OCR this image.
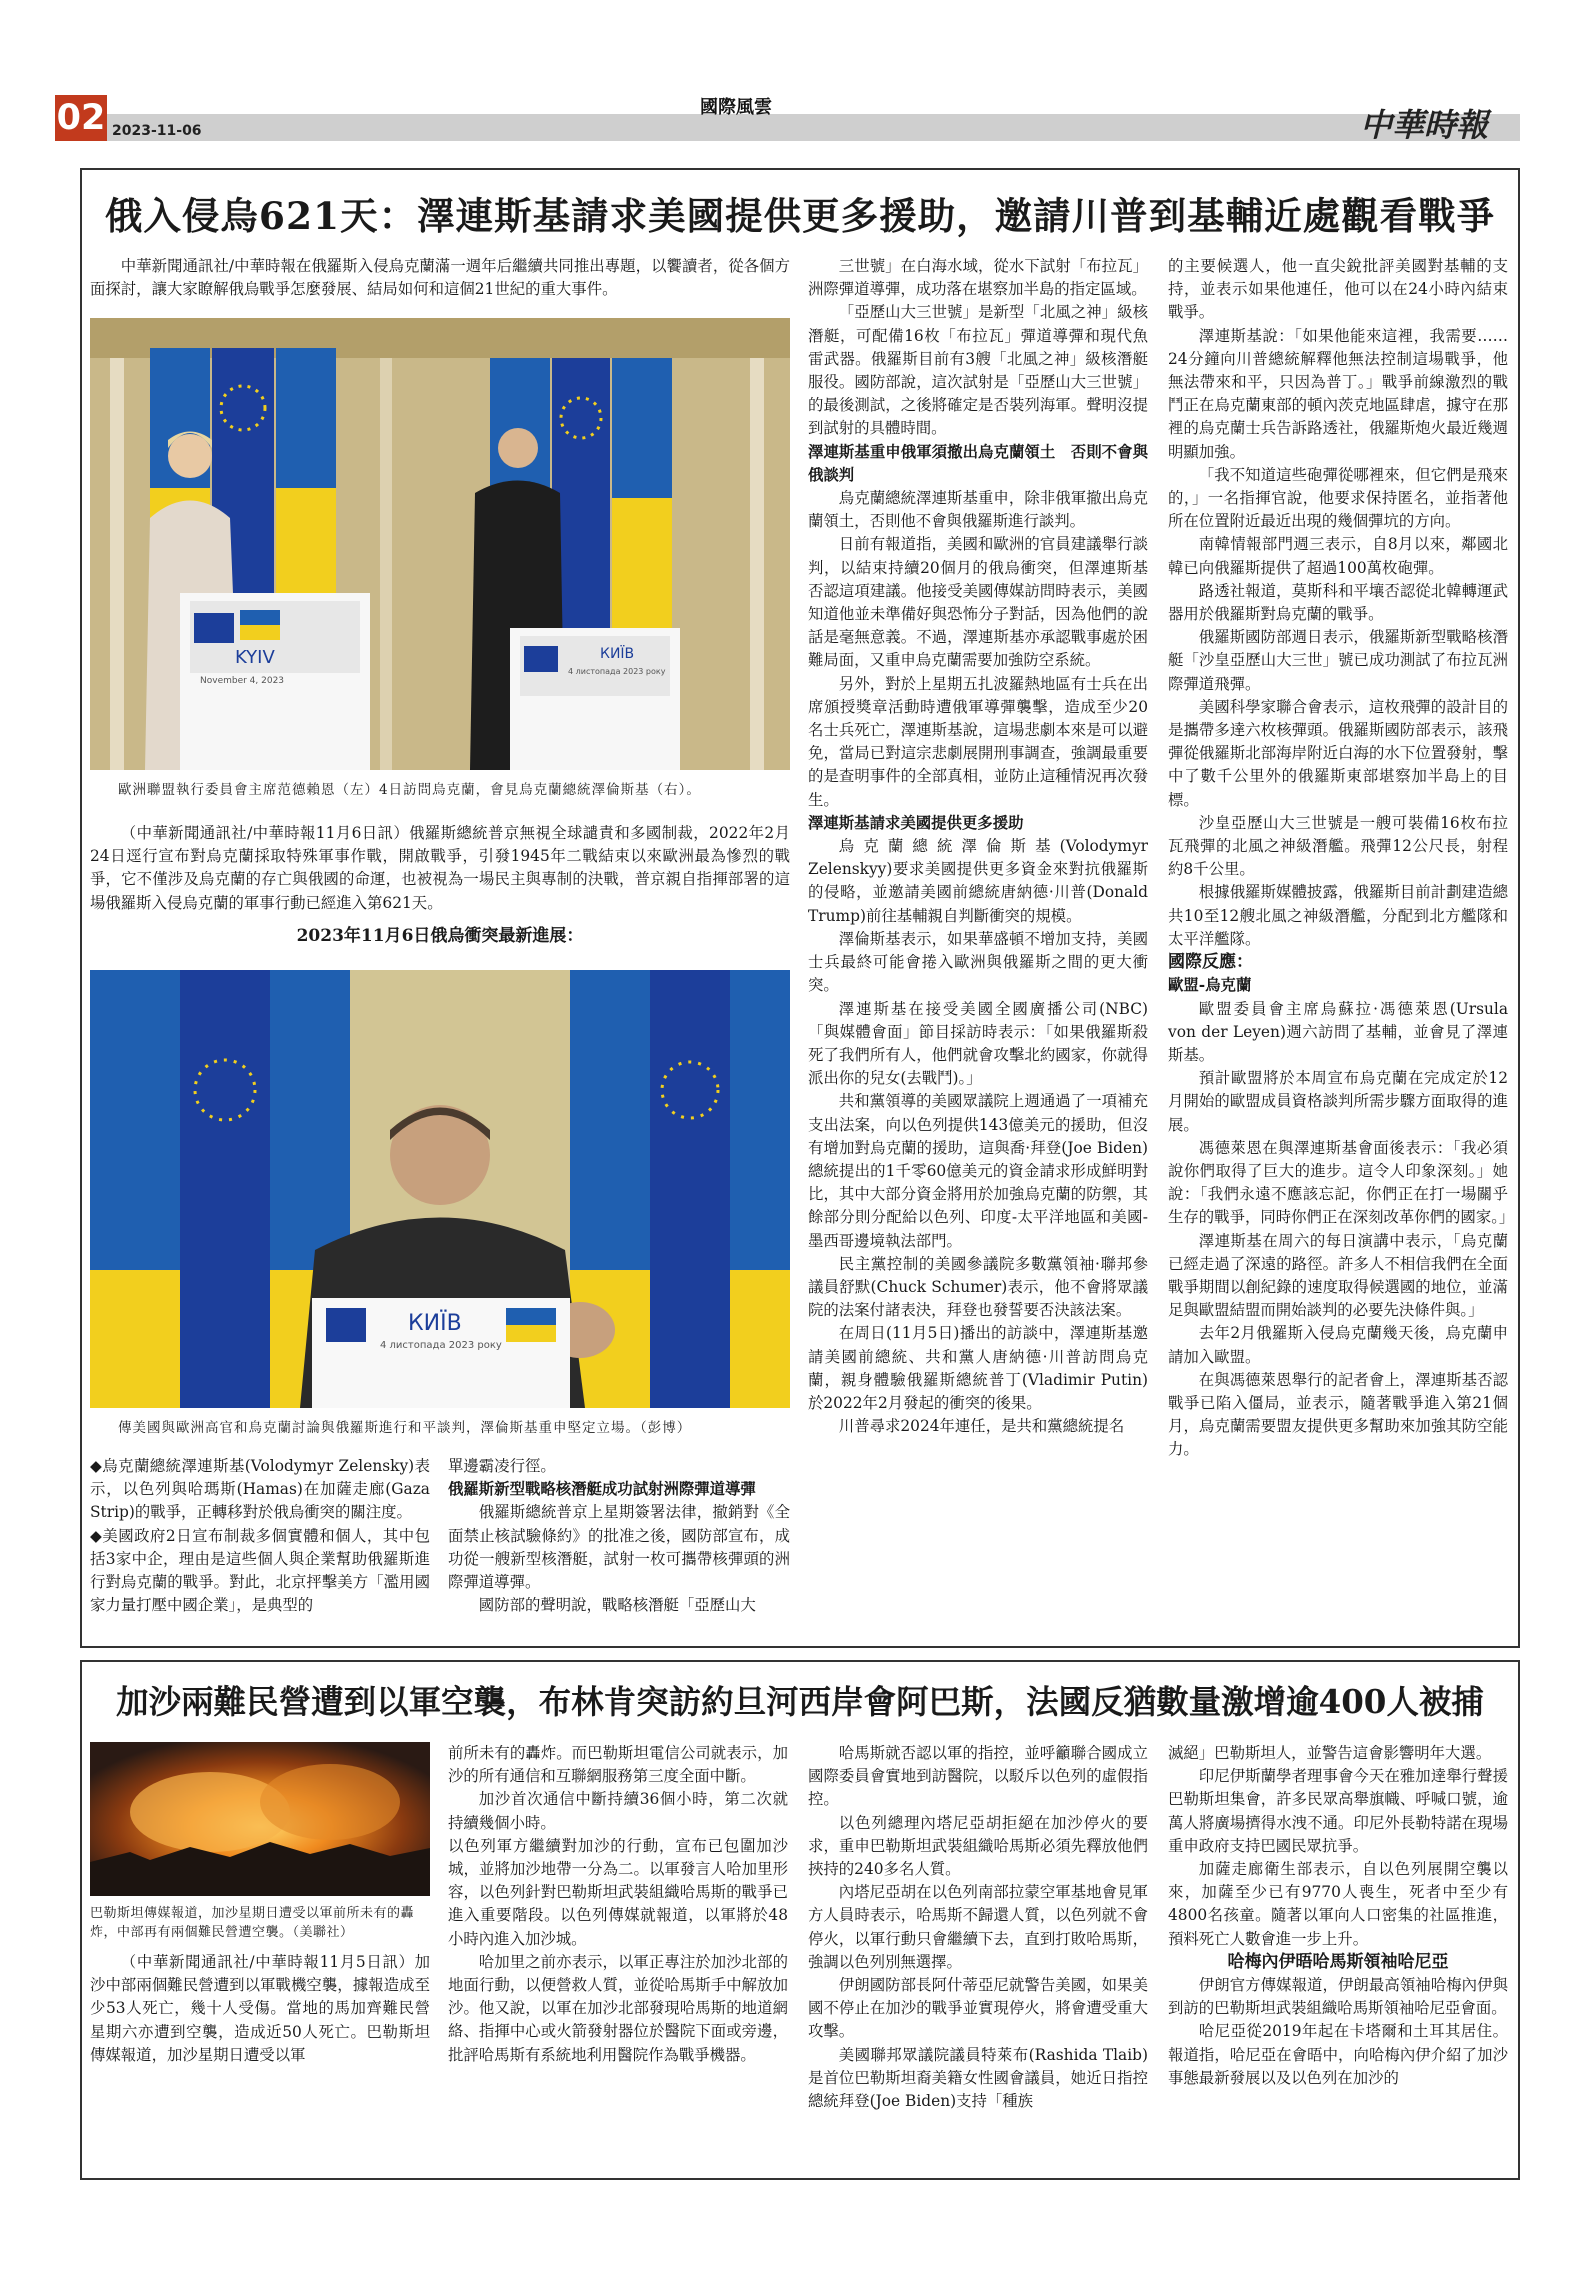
02 2023-11-06
國際風雲	中華時報
俄入侵烏621天：澤連斯基請求美國提供更多援助，邀請川普到基輔近處觀看戰爭

中華新聞通訊社/中華時報在俄羅斯入侵烏克蘭滿一週年后繼續共同推出專題，以饗讀者，從各個方面探討，讓大家瞭解俄烏戰爭怎麼發展、結局如何和這個21世紀的重大事件。

KYIV
November 4, 2023
КИЇВ
4 листопада 2023 року
歐洲聯盟執行委員會主席范德賴恩（左）4日訪問烏克蘭，會見烏克蘭總統澤倫斯基（右）。

（中華新聞通訊社/中華時報11月6日訊）俄羅斯總統普京無視全球譴責和多國制裁，2022年2月24日逕行宣布對烏克蘭採取特殊軍事作戰，開啟戰爭，引發1945年二戰結束以來歐洲最為慘烈的戰爭，它不僅涉及烏克蘭的存亡與俄國的命運，也被視為一場民主與專制的決戰，普京親自指揮部署的這場俄羅斯入侵烏克蘭的軍事行動已經進入第621天。

2023年11月6日俄烏衝突最新進展：

КИЇВ
4 листопада 2023 року
傳美國與歐洲高官和烏克蘭討論與俄羅斯進行和平談判，澤倫斯基重申堅定立場。（彭博）

◆烏克蘭總統澤連斯基(Volodymyr Zelensky)表示，以色列與哈瑪斯(Hamas)在加薩走廊(Gaza Strip)的戰爭，正轉移對於俄烏衝突的關注度。

◆美國政府2日宣布制裁多個實體和個人，其中包括3家中企，理由是這些個人與企業幫助俄羅斯進行對烏克蘭的戰爭。對此，北京抨擊美方「濫用國家力量打壓中國企業」，是典型的

單邊霸凌行徑。

俄羅斯新型戰略核潛艇成功試射洲際彈道導彈

俄羅斯總統普京上星期簽署法律，撤銷對《全面禁止核試驗條約》的批准之後，國防部宣布，成功從一艘新型核潛艇，試射一枚可攜帶核彈頭的洲際彈道導彈。

國防部的聲明說，戰略核潛艇「亞歷山大

三世號」在白海水域，從水下試射「布拉瓦」洲際彈道導彈，成功落在堪察加半島的指定區域。

「亞歷山大三世號」是新型「北風之神」級核潛艇，可配備16枚「布拉瓦」彈道導彈和現代魚雷武器。俄羅斯目前有3艘「北風之神」級核潛艇服役。國防部說，這次試射是「亞歷山大三世號」的最後測試，之後將確定是否裝列海軍。聲明沒提到試射的具體時間。

澤連斯基重申俄軍須撤出烏克蘭領土　否則不會與俄談判

烏克蘭總統澤連斯基重申，除非俄軍撤出烏克蘭領土，否則他不會與俄羅斯進行談判。

日前有報道指，美國和歐洲的官員建議舉行談判，以結束持續20個月的俄烏衝突，但澤連斯基否認這項建議。他接受美國傳媒訪問時表示，美國知道他並未準備好與恐怖分子對話，因為他們的說話是毫無意義。不過，澤連斯基亦承認戰事處於困難局面，又重申烏克蘭需要加強防空系統。

另外，對於上星期五扎波羅熱地區有士兵在出席頒授獎章活動時遭俄軍導彈襲擊，造成至少20名士兵死亡，澤連斯基說，這場悲劇本來是可以避免，當局已對這宗悲劇展開刑事調查，強調最重要的是查明事件的全部真相，並防止這種情況再次發生。

澤連斯基請求美國提供更多援助

烏克蘭總統澤倫斯基(Volodymyr Zelenskyy)要求美國提供更多資金來對抗俄羅斯的侵略，並邀請美國前總統唐納德·川普(Donald Trump)前往基輔親自判斷衝突的規模。

澤倫斯基表示，如果華盛頓不增加支持，美國士兵最終可能會捲入歐洲與俄羅斯之間的更大衝突。

澤連斯基在接受美國全國廣播公司(NBC)「與媒體會面」節目採訪時表示：「如果俄羅斯殺死了我們所有人，他們就會攻擊北約國家，你就得派出你的兒女(去戰鬥)。」

共和黨領導的美國眾議院上週通過了一項補充支出法案，向以色列提供143億美元的援助，但沒有增加對烏克蘭的援助，這與喬·拜登(Joe Biden)總統提出的1千零60億美元的資金請求形成鮮明對比，其中大部分資金將用於加強烏克蘭的防禦，其餘部分則分配給以色列、印度-太平洋地區和美國-墨西哥邊境執法部門。

民主黨控制的美國參議院多數黨領袖·聯邦參議員舒默(Chuck Schumer)表示，他不會將眾議院的法案付諸表決，拜登也發誓要否決該法案。

在周日(11月5日)播出的訪談中，澤連斯基邀請美國前總統、共和黨人唐納德·川普訪問烏克蘭，親身體驗俄羅斯總統普丁(Vladimir Putin)於2022年2月發起的衝突的後果。

川普尋求2024年連任，是共和黨總統提名

的主要候選人，他一直尖銳批評美國對基輔的支持，並表示如果他連任，他可以在24小時內結束戰爭。

澤連斯基說：「如果他能來這裡，我需要……24分鐘向川普總統解釋他無法控制這場戰爭，他無法帶來和平，只因為普丁。」戰爭前線激烈的戰鬥正在烏克蘭東部的頓內茨克地區肆虐，據守在那裡的烏克蘭士兵告訴路透社，俄羅斯炮火最近幾週明顯加強。

「我不知道這些砲彈從哪裡來，但它們是飛來的，」一名指揮官說，他要求保持匿名，並指著他所在位置附近最近出現的幾個彈坑的方向。

南韓情報部門週三表示，自8月以來，鄰國北韓已向俄羅斯提供了超過100萬枚砲彈。

路透社報道，莫斯科和平壤否認從北韓轉運武器用於俄羅斯對烏克蘭的戰爭。

俄羅斯國防部週日表示，俄羅斯新型戰略核潛艇「沙皇亞歷山大三世」號已成功測試了布拉瓦洲際彈道飛彈。

美國科學家聯合會表示，這枚飛彈的設計目的是攜帶多達六枚核彈頭。俄羅斯國防部表示，該飛彈從俄羅斯北部海岸附近白海的水下位置發射，擊中了數千公里外的俄羅斯東部堪察加半島上的目標。

沙皇亞歷山大三世號是一艘可裝備16枚布拉瓦飛彈的北風之神級潛艦。飛彈12公尺長，射程約8千公里。

根據俄羅斯媒體披露，俄羅斯目前計劃建造總共10至12艘北風之神級潛艦，分配到北方艦隊和太平洋艦隊。

國際反應：

歐盟-烏克蘭

歐盟委員會主席烏蘇拉·馮德萊恩(Ursula von der Leyen)週六訪問了基輔，並會見了澤連斯基。

預計歐盟將於本周宣布烏克蘭在完成定於12月開始的歐盟成員資格談判所需步驟方面取得的進展。

馮德萊恩在與澤連斯基會面後表示：「我必須說你們取得了巨大的進步。這令人印象深刻。」她說：「我們永遠不應該忘記，你們正在打一場關乎生存的戰爭，同時你們正在深刻改革你們的國家。」

澤連斯基在周六的每日演講中表示，「烏克蘭已經走過了深遠的路徑。許多人不相信我們在全面戰爭期間以創紀錄的速度取得候選國的地位，並滿足與歐盟結盟而開始談判的必要先決條件與。」

去年2月俄羅斯入侵烏克蘭幾天後，烏克蘭申請加入歐盟。

在與馮德萊恩舉行的記者會上，澤連斯基否認戰爭已陷入僵局，並表示，隨著戰爭進入第21個月，烏克蘭需要盟友提供更多幫助來加強其防空能力。

加沙兩難民營遭到以軍空襲，布林肯突訪約旦河西岸會阿巴斯，法國反猶數量激增逾400人被捕
巴勒斯坦傳媒報道，加沙星期日遭受以軍前所未有的轟炸，中部再有兩個難民營遭空襲。（美聯社）

（中華新聞通訊社/中華時報11月5日訊）加沙中部兩個難民營遭到以軍戰機空襲，據報造成至少53人死亡，幾十人受傷。當地的馬加齊難民營星期六亦遭到空襲，造成近50人死亡。巴勒斯坦傳媒報道，加沙星期日遭受以軍

前所未有的轟炸。而巴勒斯坦電信公司就表示，加沙的所有通信和互聯網服務第三度全面中斷。

加沙首次通信中斷持續36個小時，第二次就持續幾個小時。

以色列軍方繼續對加沙的行動，宣布已包圍加沙城，並將加沙地帶一分為二。以軍發言人哈加里形容，以色列針對巴勒斯坦武裝組織哈馬斯的戰爭已進入重要階段。以色列傳媒就報道，以軍將於48小時內進入加沙城。

哈加里之前亦表示，以軍正專注於加沙北部的地面行動，以便營救人質，並從哈馬斯手中解放加沙。他又說，以軍在加沙北部發現哈馬斯的地道網絡、指揮中心或火箭發射器位於醫院下面或旁邊，批評哈馬斯有系統地利用醫院作為戰爭機器。

哈馬斯就否認以軍的指控，並呼籲聯合國成立國際委員會實地到訪醫院，以駁斥以色列的虛假指控。

以色列總理內塔尼亞胡拒絕在加沙停火的要求，重申巴勒斯坦武裝組織哈馬斯必須先釋放他們挾持的240多名人質。

內塔尼亞胡在以色列南部拉蒙空軍基地會見軍方人員時表示，哈馬斯不歸還人質，以色列就不會停火，以軍行動只會繼續下去，直到打敗哈馬斯，強調以色列別無選擇。

伊朗國防部長阿什蒂亞尼就警告美國，如果美國不停止在加沙的戰爭並實現停火，將會遭受重大攻擊。

美國聯邦眾議院議員特萊布(Rashida Tlaib)是首位巴勒斯坦裔美籍女性國會議員，她近日指控總統拜登(Joe Biden)支持「種族

滅絕」巴勒斯坦人，並警告這會影響明年大選。

印尼伊斯蘭學者理事會今天在雅加達舉行聲援巴勒斯坦集會，許多民眾高舉旗幟、呼喊口號，逾萬人將廣場擠得水洩不通。印尼外長勒特諾在現場重申政府支持巴國民眾抗爭。

加薩走廊衛生部表示，自以色列展開空襲以來，加薩至少已有9770人喪生，死者中至少有4800名孩童。隨著以軍向人口密集的社區推進，預料死亡人數會進一步上升。

哈梅內伊晤哈馬斯領袖哈尼亞

伊朗官方傳媒報道，伊朗最高領袖哈梅內伊與到訪的巴勒斯坦武裝組織哈馬斯領袖哈尼亞會面。

哈尼亞從2019年起在卡塔爾和土耳其居住。報道指，哈尼亞在會晤中，向哈梅內伊介紹了加沙事態最新發展以及以色列在加沙的
